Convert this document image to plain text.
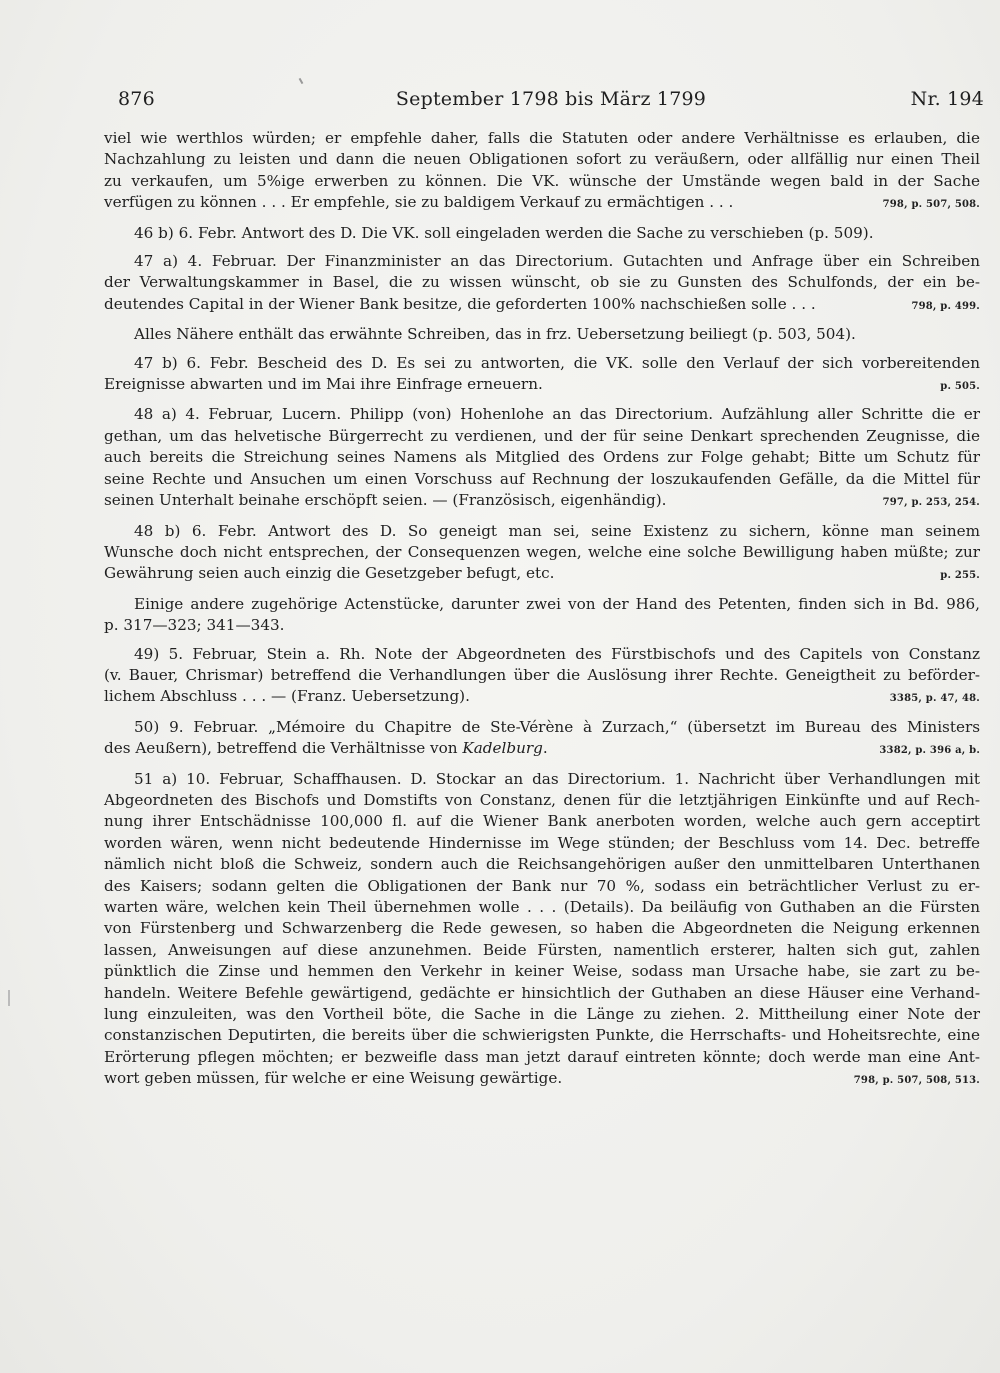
876	September 1798 bis März 1799	Nr. 194
viel wie werthlos würden; er empfehle daher, falls die Statuten oder andere Verhältnisse es erlauben, die
Nachzahlung zu leisten und dann die neuen Obligationen sofort zu veräußern, oder allfällig nur einen Theil
zu verkaufen, um 5%ige erwerben zu können. Die VK. wünsche der Umstände wegen bald in der Sache
verfügen zu können . . . Er empfehle, sie zu baldigem Verkauf zu ermächtigen . . .	798, p. 507, 508.
46 b) 6. Febr. Antwort des D. Die VK. soll eingeladen werden die Sache zu verschieben (p. 509).
47 a) 4. Februar. Der Finanzminister an das Directorium. Gutachten und Anfrage über ein Schreiben
der Verwaltungskammer in Basel, die zu wissen wünscht, ob sie zu Gunsten des Schulfonds, der ein be-
deutendes Capital in der Wiener Bank besitze, die geforderten 100% nachschießen solle . . .	798, p. 499.
Alles Nähere enthält das erwähnte Schreiben, das in frz. Uebersetzung beiliegt (p. 503, 504).
47 b) 6. Febr. Bescheid des D. Es sei zu antworten, die VK. solle den Verlauf der sich vorbereitenden
Ereignisse abwarten und im Mai ihre Einfrage erneuern.	p. 505.
48 a) 4. Februar, Lucern. Philipp (von) Hohenlohe an das Directorium. Aufzählung aller Schritte die er
gethan, um das helvetische Bürgerrecht zu verdienen, und der für seine Denkart sprechenden Zeugnisse, die
auch bereits die Streichung seines Namens als Mitglied des Ordens zur Folge gehabt; Bitte um Schutz für
seine Rechte und Ansuchen um einen Vorschuss auf Rechnung der loszukaufenden Gefälle, da die Mittel für
seinen Unterhalt beinahe erschöpft seien. — (Französisch, eigenhändig).	797, p. 253, 254.
48 b) 6. Febr. Antwort des D. So geneigt man sei, seine Existenz zu sichern, könne man seinem
Wunsche doch nicht entsprechen, der Consequenzen wegen, welche eine solche Bewilligung haben müßte; zur
Gewährung seien auch einzig die Gesetzgeber befugt, etc.	p. 255.
Einige andere zugehörige Actenstücke, darunter zwei von der Hand des Petenten, finden sich in Bd. 986,
p. 317—323; 341—343.
49) 5. Februar, Stein a. Rh. Note der Abgeordneten des Fürstbischofs und des Capitels von Constanz
(v. Bauer, Chrismar) betreffend die Verhandlungen über die Auslösung ihrer Rechte. Geneigtheit zu beförder-
lichem Abschluss . . . — (Franz. Uebersetzung).	3385, p. 47, 48.
50) 9. Februar. „Mémoire du Chapitre de Ste-Vérène à Zurzach,“ (übersetzt im Bureau des Ministers
des Aeußern), betreffend die Verhältnisse von Kadelburg.	3382, p. 396 a, b.
51 a) 10. Februar, Schaffhausen. D. Stockar an das Directorium. 1. Nachricht über Verhandlungen mit
Abgeordneten des Bischofs und Domstifts von Constanz, denen für die letztjährigen Einkünfte und auf Rech-
nung ihrer Entschädnisse 100,000 fl. auf die Wiener Bank anerboten worden, welche auch gern acceptirt
worden wären, wenn nicht bedeutende Hindernisse im Wege stünden; der Beschluss vom 14. Dec. betreffe
nämlich nicht bloß die Schweiz, sondern auch die Reichsangehörigen außer den unmittelbaren Unterthanen
des Kaisers; sodann gelten die Obligationen der Bank nur 70 %, sodass ein beträchtlicher Verlust zu er-
warten wäre, welchen kein Theil übernehmen wolle . . . (Details). Da beiläufig von Guthaben an die Fürsten
von Fürstenberg und Schwarzenberg die Rede gewesen, so haben die Abgeordneten die Neigung erkennen
lassen, Anweisungen auf diese anzunehmen. Beide Fürsten, namentlich ersterer, halten sich gut, zahlen
pünktlich die Zinse und hemmen den Verkehr in keiner Weise, sodass man Ursache habe, sie zart zu be-
handeln. Weitere Befehle gewärtigend, gedächte er hinsichtlich der Guthaben an diese Häuser eine Verhand-
lung einzuleiten, was den Vortheil böte, die Sache in die Länge zu ziehen. 2. Mittheilung einer Note der
constanzischen Deputirten, die bereits über die schwierigsten Punkte, die Herrschafts- und Hoheitsrechte, eine
Erörterung pflegen möchten; er bezweifle dass man jetzt darauf eintreten könnte; doch werde man eine Ant-
wort geben müssen, für welche er eine Weisung gewärtige.	798, p. 507, 508, 513.
